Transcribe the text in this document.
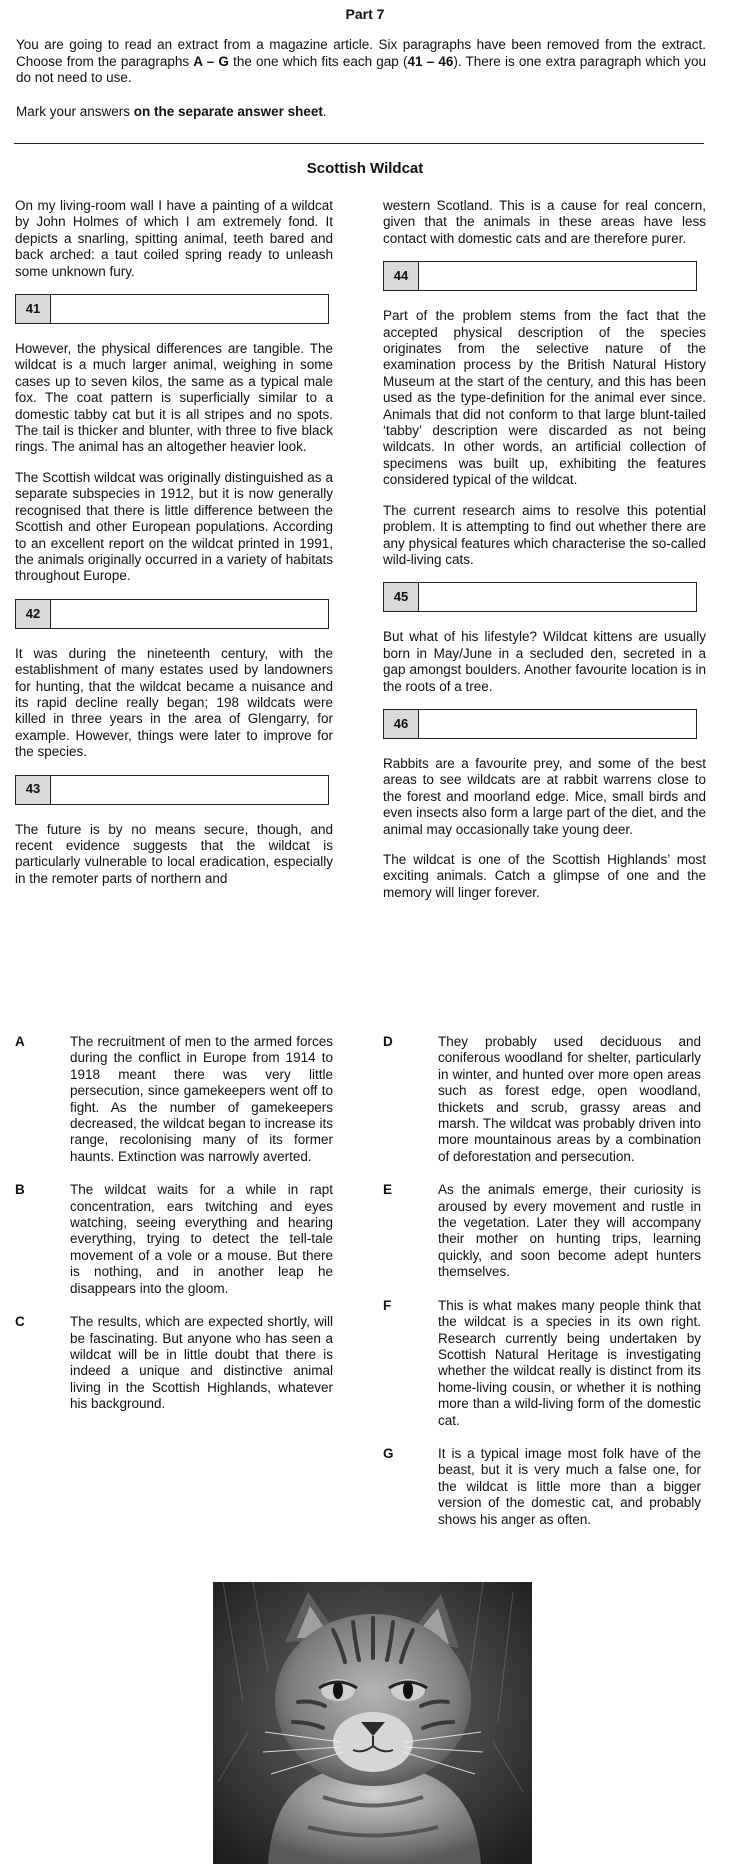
Part 7

You are going to read an extract from a magazine article. Six paragraphs have been removed from the extract. Choose from the paragraphs A – G the one which fits each gap (41 – 46). There is one extra paragraph which you do not need to use.

Mark your answers on the separate answer sheet.

Scottish Wildcat

On my living-room wall I have a painting of a wildcat by John Holmes of which I am extremely fond. It depicts a snarling, spitting animal, teeth bared and back arched: a taut coiled spring ready to unleash some unknown fury.

41

However, the physical differences are tangible. The wildcat is a much larger animal, weighing in some cases up to seven kilos, the same as a typical male fox. The coat pattern is superficially similar to a domestic tabby cat but it is all stripes and no spots. The tail is thicker and blunter, with three to five black rings. The animal has an altogether heavier look.

The Scottish wildcat was originally distinguished as a separate subspecies in 1912, but it is now generally recognised that there is little difference between the Scottish and other European populations. According to an excellent report on the wildcat printed in 1991, the animals originally occurred in a variety of habitats throughout Europe.

42

It was during the nineteenth century, with the establishment of many estates used by landowners for hunting, that the wildcat became a nuisance and its rapid decline really began; 198 wildcats were killed in three years in the area of Glengarry, for example. However, things were later to improve for the species.

43

The future is by no means secure, though, and recent evidence suggests that the wildcat is particularly vulnerable to local eradication, especially in the remoter parts of northern and

western Scotland. This is a cause for real concern, given that the animals in these areas have less contact with domestic cats and are therefore purer.

44

Part of the problem stems from the fact that the accepted physical description of the species originates from the selective nature of the examination process by the British Natural History Museum at the start of the century, and this has been used as the type-definition for the animal ever since. Animals that did not conform to that large blunt-tailed ‘tabby’ description were discarded as not being wildcats. In other words, an artificial collection of specimens was built up, exhibiting the features considered typical of the wildcat.

The current research aims to resolve this potential problem. It is attempting to find out whether there are any physical features which characterise the so-called wild-living cats.

45

But what of his lifestyle? Wildcat kittens are usually born in May/June in a secluded den, secreted in a gap amongst boulders. Another favourite location is in the roots of a tree.

46

Rabbits are a favourite prey, and some of the best areas to see wildcats are at rabbit warrens close to the forest and moorland edge. Mice, small birds and even insects also form a large part of the diet, and the animal may occasionally take young deer.

The wildcat is one of the Scottish Highlands’ most exciting animals. Catch a glimpse of one and the memory will linger forever.

A	The recruitment of men to the armed forces during the conflict in Europe from 1914 to 1918 meant there was very little persecution, since gamekeepers went off to fight. As the number of gamekeepers decreased, the wildcat began to increase its range, recolonising many of its former haunts. Extinction was narrowly averted.
B	The wildcat waits for a while in rapt concentration, ears twitching and eyes watching, seeing everything and hearing everything, trying to detect the tell-tale movement of a vole or a mouse. But there is nothing, and in another leap he disappears into the gloom.
C	The results, which are expected shortly, will be fascinating. But anyone who has seen a wildcat will be in little doubt that there is indeed a unique and distinctive animal living in the Scottish Highlands, whatever his background.
D	They probably used deciduous and coniferous woodland for shelter, particularly in winter, and hunted over more open areas such as forest edge, open woodland, thickets and scrub, grassy areas and marsh. The wildcat was probably driven into more mountainous areas by a combination of deforestation and persecution.
E	As the animals emerge, their curiosity is aroused by every movement and rustle in the vegetation. Later they will accompany their mother on hunting trips, learning quickly, and soon become adept hunters themselves.
F	This is what makes many people think that the wildcat is a species in its own right. Research currently being undertaken by Scottish Natural Heritage is investigating whether the wildcat really is distinct from its home-living cousin, or whether it is nothing more than a wild-living form of the domestic cat.
G	It is a typical image most folk have of the beast, but it is very much a false one, for the wildcat is little more than a bigger version of the domestic cat, and probably shows his anger as often.
